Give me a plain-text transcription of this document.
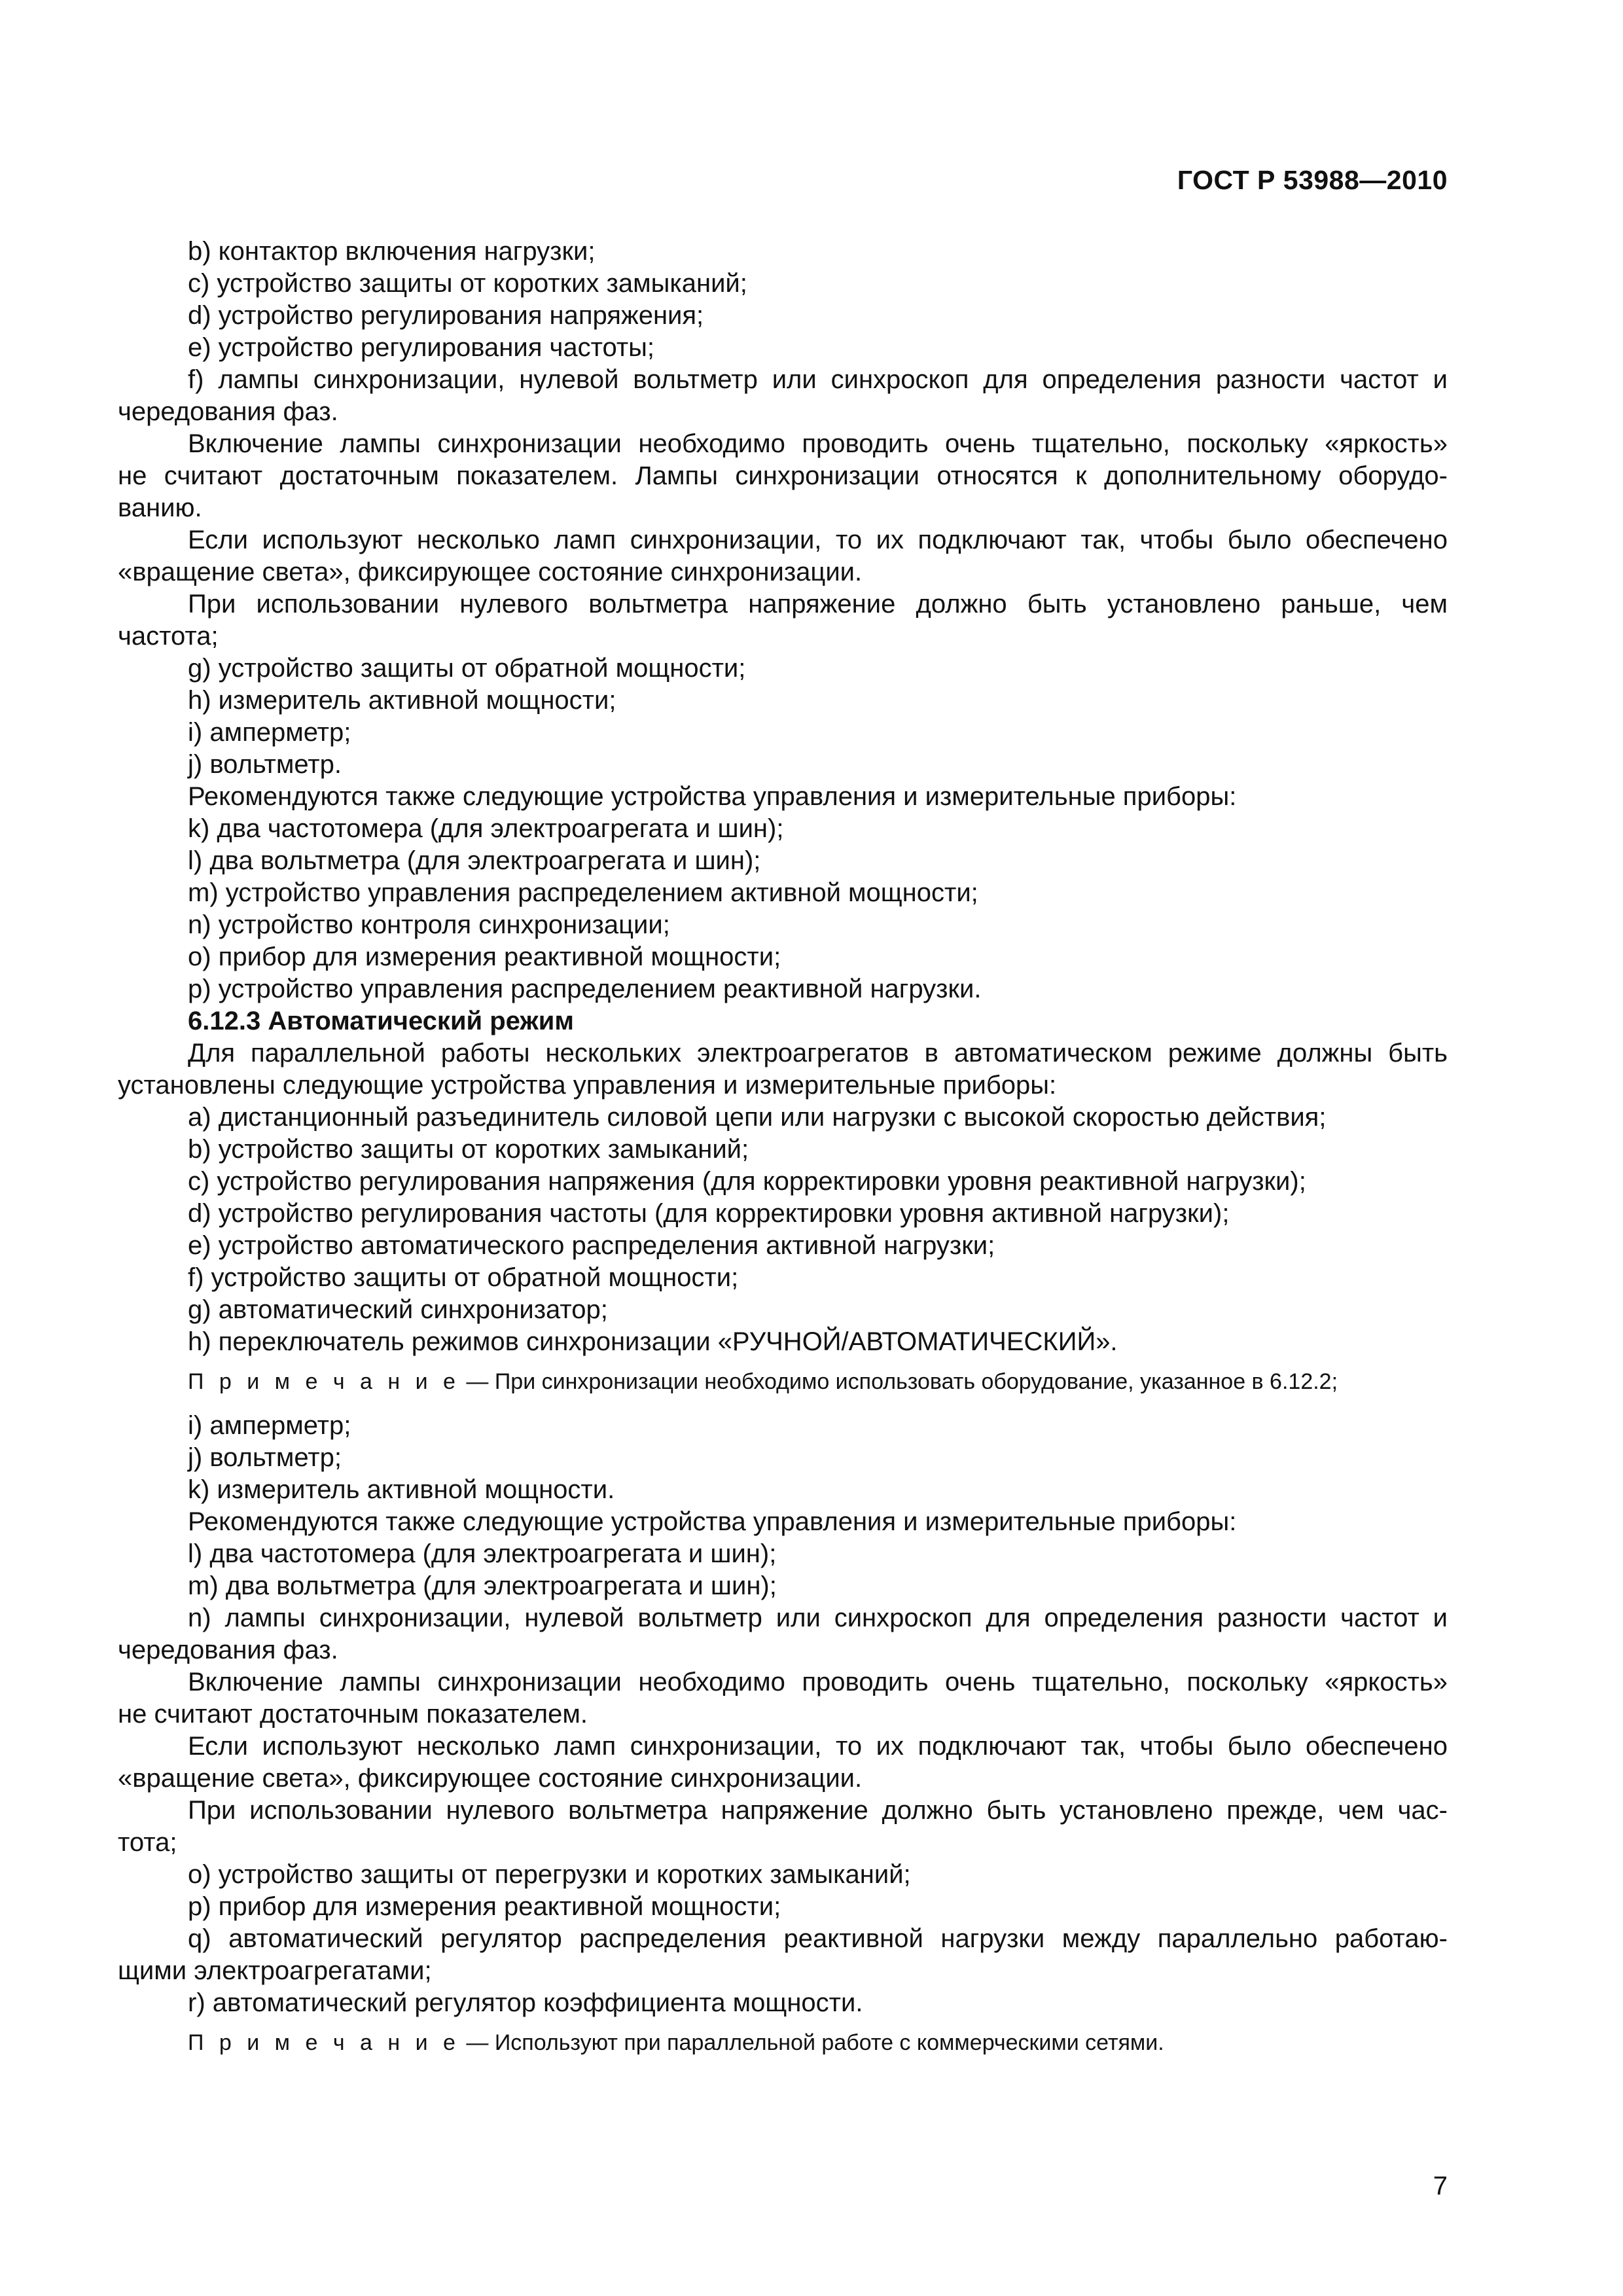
ГОСТ Р 53988—2010
b) контактор включения нагрузки;
c) устройство защиты от коротких замыканий;
d) устройство регулирования напряжения;
e) устройство регулирования частоты;
f) лампы синхронизации, нулевой вольтметр или синхроскоп для определения разности частот и
чередования фаз.
Включение лампы синхронизации необходимо проводить очень тщательно, поскольку «яркость»
не считают достаточным показателем. Лампы синхронизации относятся к дополнительному оборудо-
ванию.
Если используют несколько ламп синхронизации, то их подключают так, чтобы было обеспечено
«вращение света», фиксирующее состояние синхронизации.
При использовании нулевого вольтметра напряжение должно быть установлено раньше, чем
частота;
g) устройство защиты от обратной мощности;
h) измеритель активной мощности;
i) амперметр;
j) вольтметр.
Рекомендуются также следующие устройства управления и измерительные приборы:
k) два частотомера (для электроагрегата и шин);
l) два вольтметра (для электроагрегата и шин);
m) устройство управления распределением активной мощности;
n) устройство контроля синхронизации;
o) прибор для измерения реактивной мощности;
p) устройство управления распределением реактивной нагрузки.
6.12.3 Автоматический режим
Для параллельной работы нескольких электроагрегатов в автоматическом режиме должны быть
установлены следующие устройства управления и измерительные приборы:
a) дистанционный разъединитель силовой цепи или нагрузки с высокой скоростью действия;
b) устройство защиты от коротких замыканий;
c) устройство регулирования напряжения (для корректировки уровня реактивной нагрузки);
d) устройство регулирования частоты (для корректировки уровня активной нагрузки);
e) устройство автоматического распределения активной нагрузки;
f) устройство защиты от обратной мощности;
g) автоматический синхронизатор;
h) переключатель режимов синхронизации «РУЧНОЙ/АВТОМАТИЧЕСКИЙ».
П р и м е ч а н и е — При синхронизации необходимо использовать оборудование, указанное в 6.12.2;
i) амперметр;
j) вольтметр;
k) измеритель активной мощности.
Рекомендуются также следующие устройства управления и измерительные приборы:
l) два частотомера (для электроагрегата и шин);
m) два вольтметра (для электроагрегата и шин);
n) лампы синхронизации, нулевой вольтметр или синхроскоп для определения разности частот и
чередования фаз.
Включение лампы синхронизации необходимо проводить очень тщательно, поскольку «яркость»
не считают достаточным показателем.
Если используют несколько ламп синхронизации, то их подключают так, чтобы было обеспечено
«вращение света», фиксирующее состояние синхронизации.
При использовании нулевого вольтметра напряжение должно быть установлено прежде, чем час-
тота;
o) устройство защиты от перегрузки и коротких замыканий;
p) прибор для измерения реактивной мощности;
q) автоматический регулятор распределения реактивной нагрузки между параллельно работаю-
щими электроагрегатами;
r) автоматический регулятор коэффициента мощности.
П р и м е ч а н и е — Используют при параллельной работе с коммерческими сетями.
7
